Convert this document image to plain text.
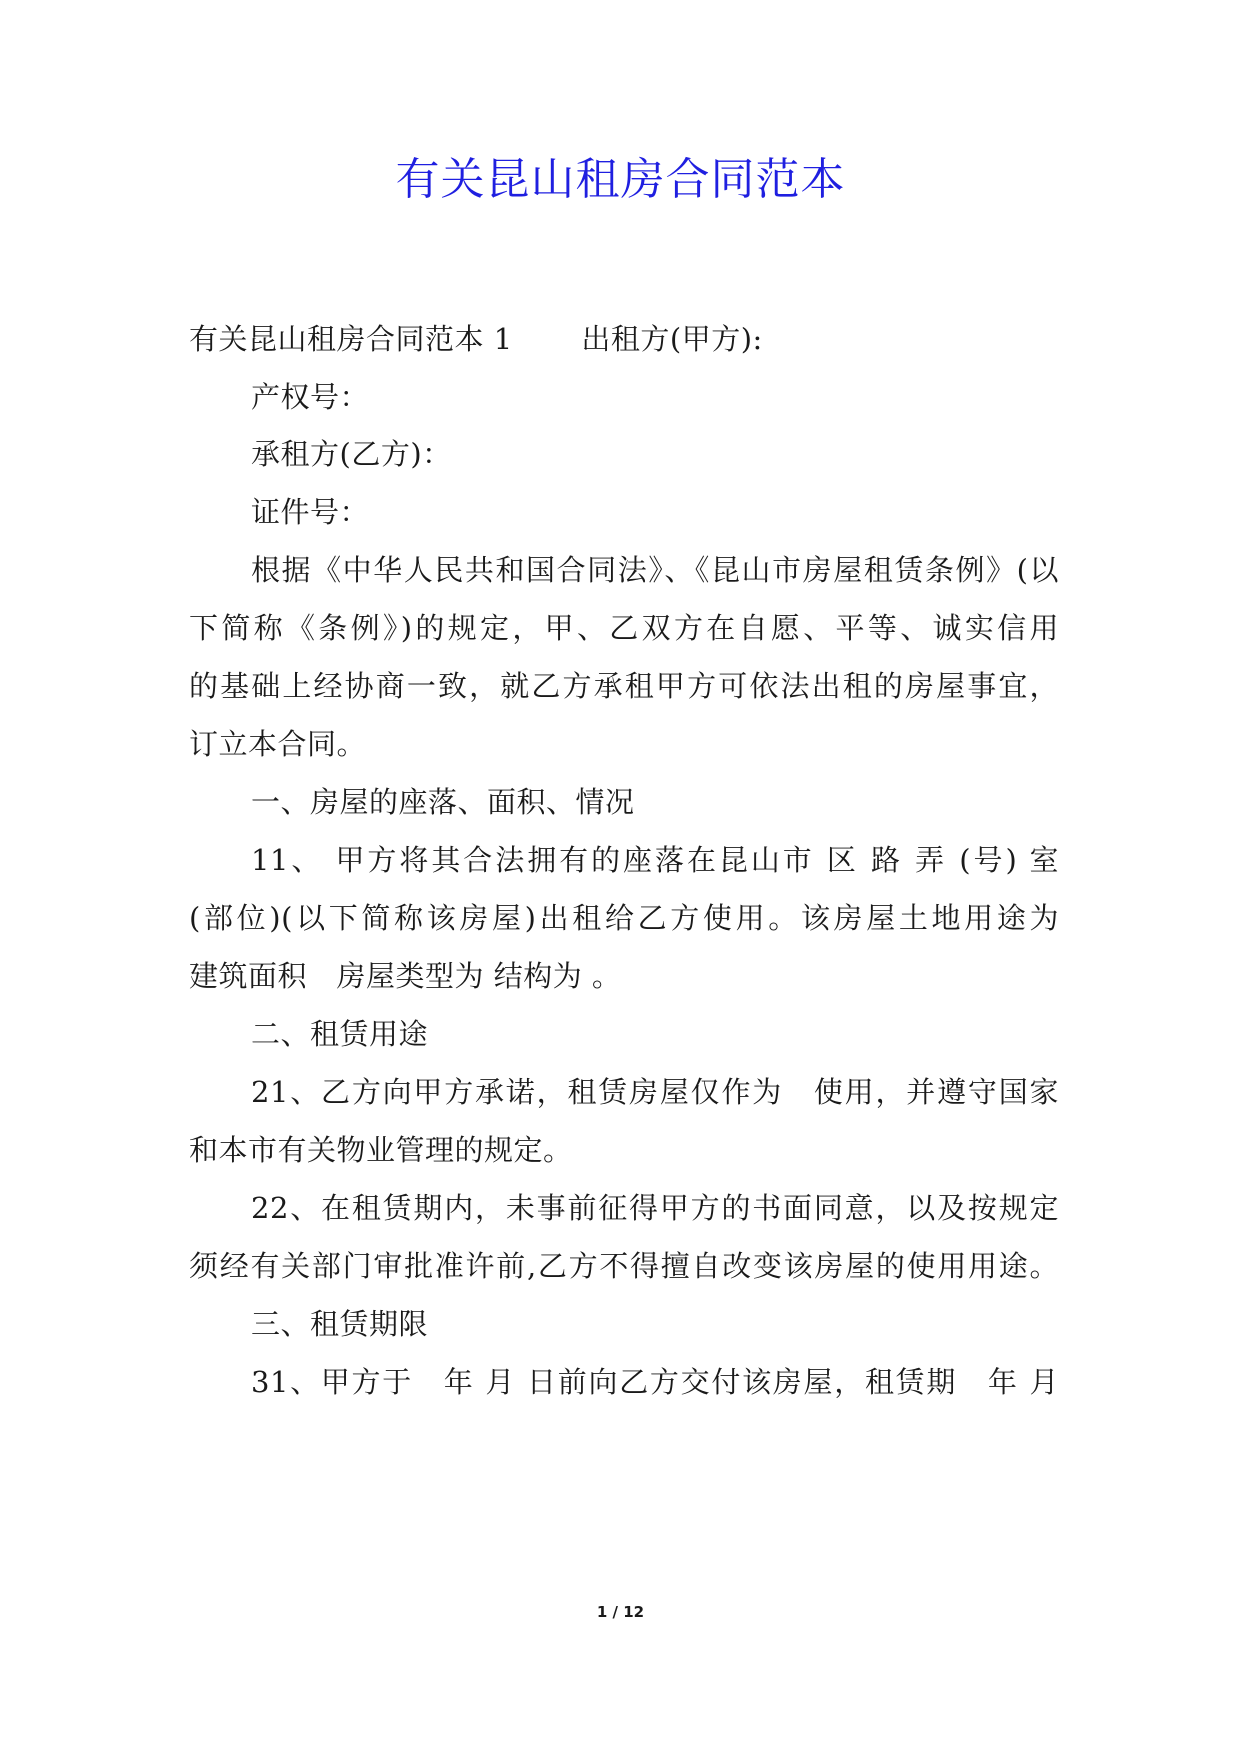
有关昆山租房合同范本
有关昆山租房合同范本 1　　 出租方(甲方):
产权号：
承租方(乙方)：
证件号：
根据《中华人民共和国合同法》、《昆山市房屋租赁条例》(以
下简称《条例》)的规定，甲、乙双方在自愿、平等、诚实信用
的基础上经协商一致，就乙方承租甲方可依法出租的房屋事宜，
订立本合同。
一、房屋的座落、面积、情况
11、 甲方将其合法拥有的座落在昆山市 区 路 弄 (号) 室
(部位)(以下简称该房屋)出租给乙方使用。该房屋土地用途为
建筑面积　房屋类型为 结构为 。
二、租赁用途
21、乙方向甲方承诺，租赁房屋仅作为　使用，并遵守国家
和本市有关物业管理的规定。
22、在租赁期内，未事前征得甲方的书面同意，以及按规定
须经有关部门审批准许前,乙方不得擅自改变该房屋的使用用途。
三、租赁期限
31、甲方于　年 月 日前向乙方交付该房屋，租赁期　年 月
1 / 12
